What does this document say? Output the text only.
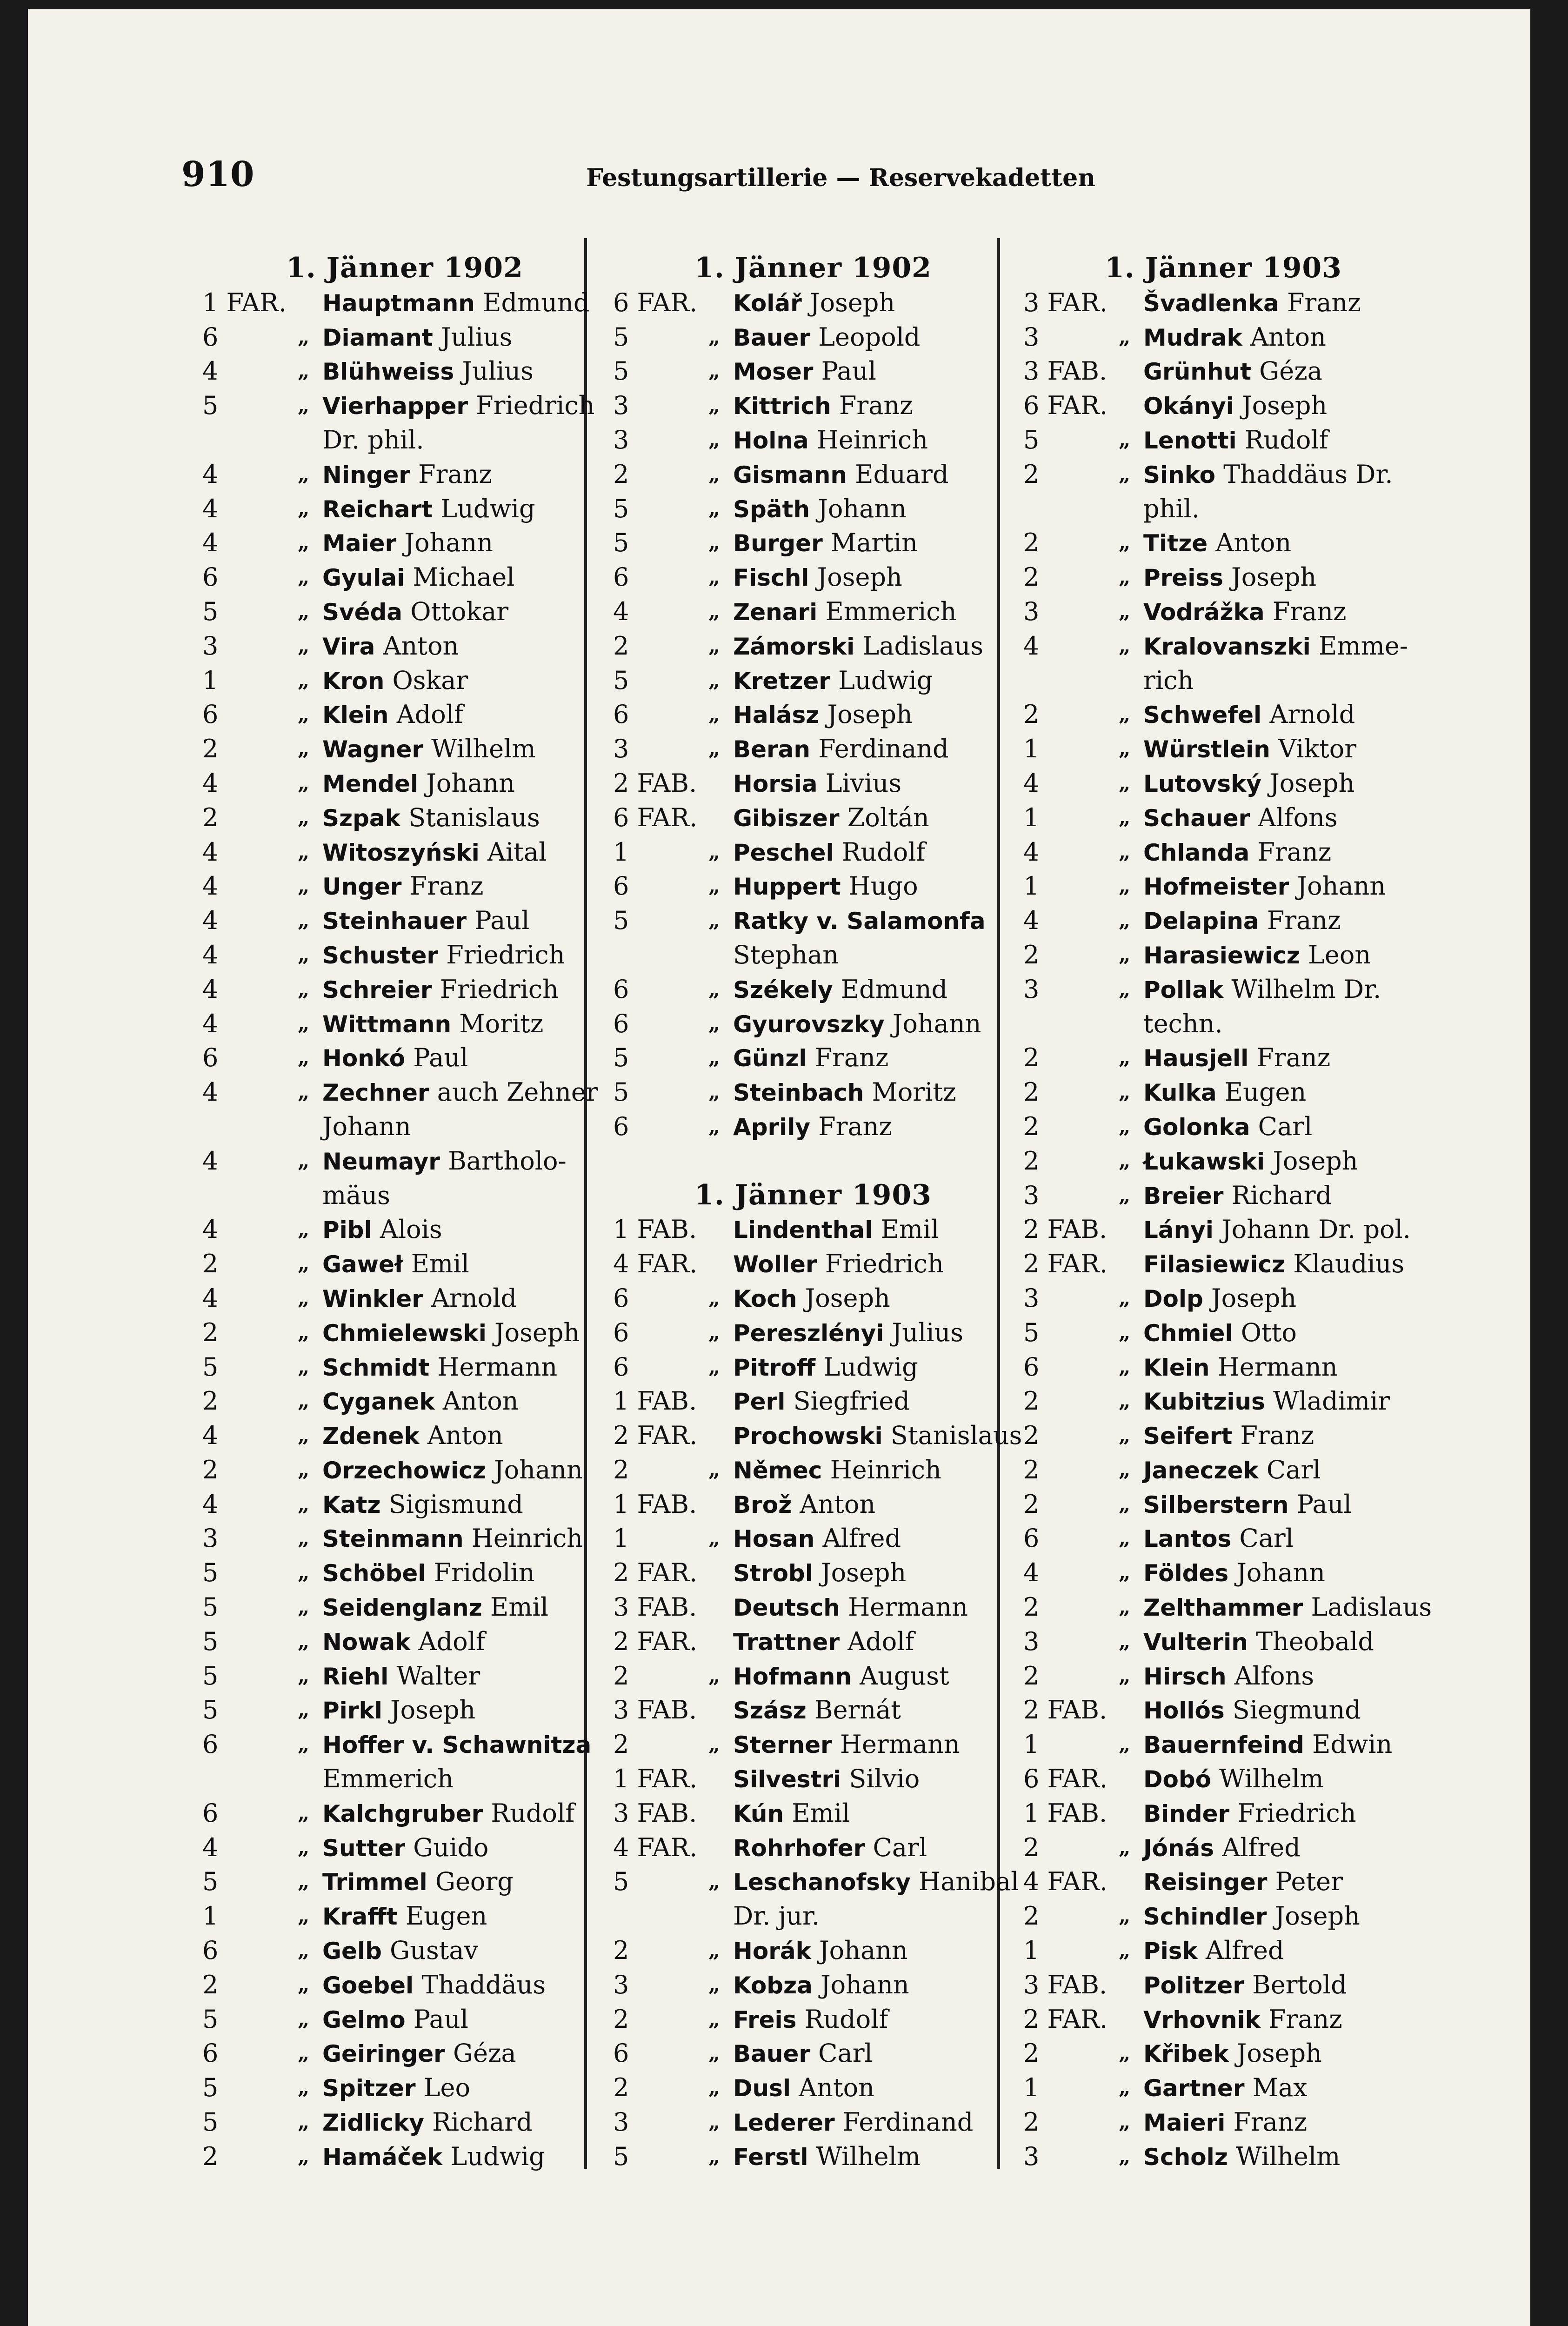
910	Festungsartillerie — Reservekadetten
1. Jänner 1902
1 FAR. Hauptmann Edmund
6	„ Diamant Julius
4	„ Blühweiss Julius
5	„ Vierhapper Friedrich
Dr. phil.
4	„ Ninger Franz
4	„ Reichart Ludwig
4	„ Maier Johann
6	„ Gyulai Michael
5	„ Svéda Ottokar
3	„ Vira Anton
1	„ Kron Oskar
6	„ Klein Adolf
2	„ Wagner Wilhelm
4	„ Mendel Johann
2	„ Szpak Stanislaus
4	„ Witoszyński Aital
4	„ Unger Franz
4	„ Steinhauer Paul
4	„ Schuster Friedrich
4	„ Schreier Friedrich
4	„ Wittmann Moritz
6	„ Honkó Paul
4	„ Zechner auch Zehner
Johann
4	„ Neumayr Bartholo-
mäus
4	„ Pibl Alois
2	„ Gaweł Emil
4	„ Winkler Arnold
2	„ Chmielewski Joseph
5	„ Schmidt Hermann
2	„ Cyganek Anton
4	„ Zdenek Anton
2	„ Orzechowicz Johann
4	„ Katz Sigismund
3	„ Steinmann Heinrich
5	„ Schöbel Fridolin
5	„ Seidenglanz Emil
5	„ Nowak Adolf
5	„ Riehl Walter
5	„ Pirkl Joseph
6	„ Hoffer v. Schawnitza
Emmerich
6	„ Kalchgruber Rudolf
4	„ Sutter Guido
5	„ Trimmel Georg
1	„ Krafft Eugen
6	„ Gelb Gustav
2	„ Goebel Thaddäus
5	„ Gelmo Paul
6	„ Geiringer Géza
5	„ Spitzer Leo
5	„ Zidlicky Richard
2	„ Hamáček Ludwig
1. Jänner 1902
6 FAR. Kolář Joseph
5	„ Bauer Leopold
5	„ Moser Paul
3	„ Kittrich Franz
3	„ Holna Heinrich
2	„ Gismann Eduard
5	„ Späth Johann
5	„ Burger Martin
6	„ Fischl Joseph
4	„ Zenari Emmerich
2	„ Zámorski Ladislaus
5	„ Kretzer Ludwig
6	„ Halász Joseph
3	„ Beran Ferdinand
2 FAB. Horsia Livius
6 FAR. Gibiszer Zoltán
1	„ Peschel Rudolf
6	„ Huppert Hugo
5	„ Ratky v. Salamonfa
Stephan
6	„ Székely Edmund
6	„ Gyurovszky Johann
5	„ Günzl Franz
5	„ Steinbach Moritz
6	„ Aprily Franz
1. Jänner 1903
1 FAB. Lindenthal Emil
4 FAR. Woller Friedrich
6	„ Koch Joseph
6	„ Pereszlényi Julius
6	„ Pitroff Ludwig
1 FAB. Perl Siegfried
2 FAR. Prochowski Stanislaus
2	„ Němec Heinrich
1 FAB. Brož Anton
1	„ Hosan Alfred
2 FAR. Strobl Joseph
3 FAB. Deutsch Hermann
2 FAR. Trattner Adolf
2	„ Hofmann August
3 FAB. Szász Bernát
2	„ Sterner Hermann
1 FAR. Silvestri Silvio
3 FAB. Kún Emil
4 FAR. Rohrhofer Carl
5	„ Leschanofsky Hanibal
Dr. jur.
2	„ Horák Johann
3	„ Kobza Johann
2	„ Freis Rudolf
6	„ Bauer Carl
2	„ Dusl Anton
3	„ Lederer Ferdinand
5	„ Ferstl Wilhelm
1. Jänner 1903
3 FAR. Švadlenka Franz
3	„ Mudrak Anton
3 FAB. Grünhut Géza
6 FAR. Okányi Joseph
5	„ Lenotti Rudolf
2	„ Sinko Thaddäus Dr.
phil.
2	„ Titze Anton
2	„ Preiss Joseph
3	„ Vodrážka Franz
4	„ Kralovanszki Emme-
rich
2	„ Schwefel Arnold
1	„ Würstlein Viktor
4	„ Lutovský Joseph
1	„ Schauer Alfons
4	„ Chlanda Franz
1	„ Hofmeister Johann
4	„ Delapina Franz
2	„ Harasiewicz Leon
3	„ Pollak Wilhelm Dr.
techn.
2	„ Hausjell Franz
2	„ Kulka Eugen
2	„ Golonka Carl
2	„ Łukawski Joseph
3	„ Breier Richard
2 FAB. Lányi Johann Dr. pol.
2 FAR. Filasiewicz Klaudius
3	„ Dolp Joseph
5	„ Chmiel Otto
6	„ Klein Hermann
2	„ Kubitzius Wladimir
2	„ Seifert Franz
2	„ Janeczek Carl
2	„ Silberstern Paul
6	„ Lantos Carl
4	„ Földes Johann
2	„ Zelthammer Ladislaus
3	„ Vulterin Theobald
2	„ Hirsch Alfons
2 FAB. Hollós Siegmund
1	„ Bauernfeind Edwin
6 FAR. Dobó Wilhelm
1 FAB. Binder Friedrich
2	„ Jónás Alfred
4 FAR. Reisinger Peter
2	„ Schindler Joseph
1	„ Pisk Alfred
3 FAB. Politzer Bertold
2 FAR. Vrhovnik Franz
2	„ Křibek Joseph
1	„ Gartner Max
2	„ Maieri Franz
3	„ Scholz Wilhelm
